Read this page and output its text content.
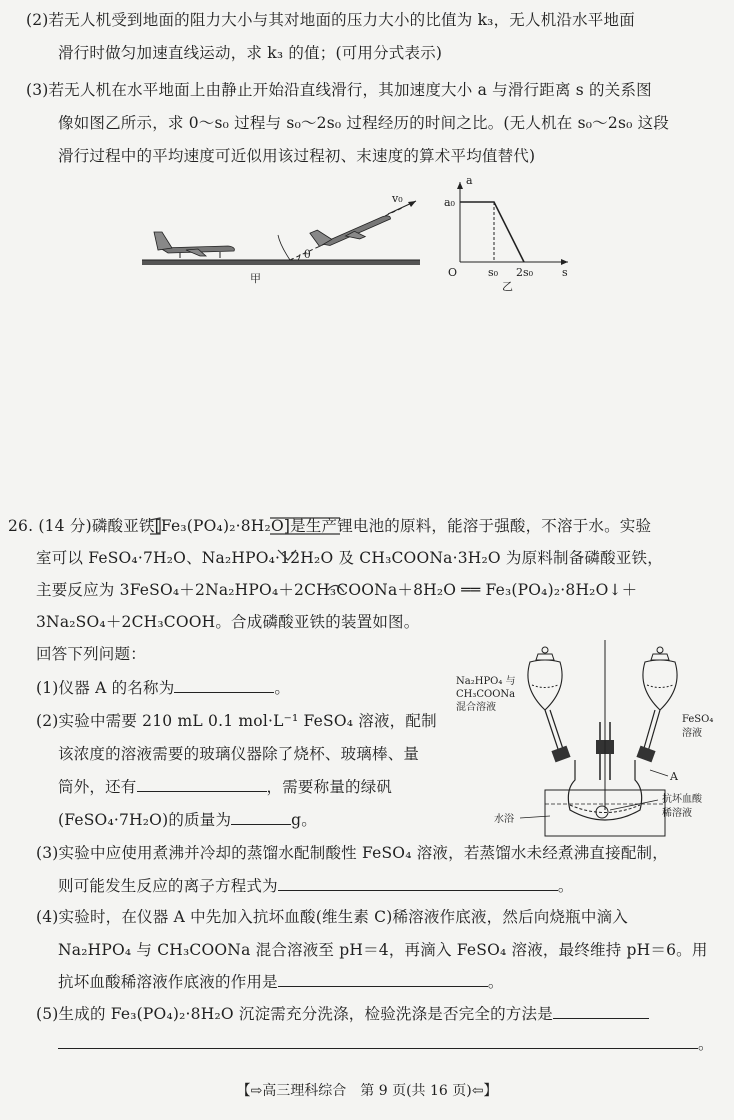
(2)若无人机受到地面的阻力大小与其对地面的压力大小的比值为 k₃，无人机沿水平地面
滑行时做匀加速直线运动，求 k₃ 的值；(可用分式表示)
(3)若无人机在水平地面上由静止开始沿直线滑行，其加速度大小 a 与滑行距离 s 的关系图
像如图乙所示，求 0～s₀ 过程与 s₀～2s₀ 过程经历的时间之比。(无人机在 s₀～2s₀ 这段
滑行过程中的平均速度可近似用该过程初、末速度的算术平均值替代)
θ
v₀
甲
a
s
O
a₀
s₀ 2s₀
乙
26. (14 分)磷酸亚铁[Fe₃(PO₄)₂·8H₂O]是生产锂电池的原料，能溶于强酸，不溶于水。实验
室可以 FeSO₄·7H₂O、Na₂HPO₄·12H₂O 及 CH₃COONa·3H₂O 为原料制备磷酸亚铁，
主要反应为 3FeSO₄＋2Na₂HPO₄＋2CH₃COONa＋8H₂O ══ Fe₃(PO₄)₂·8H₂O↓＋
3Na₂SO₄＋2CH₃COOH。合成磷酸亚铁的装置如图。
回答下列问题：
(1)仪器 A 的名称为	。
(2)实验中需要 210 mL 0.1 mol·L⁻¹ FeSO₄ 溶液，配制
该浓度的溶液需要的玻璃仪器除了烧杯、玻璃棒、量
筒外，还有	，需要称量的绿矾
(FeSO₄·7H₂O)的质量为	g。
Na₂HPO₄ 与
CH₃COONa
混合溶液
FeSO₄
溶液
A
抗坏血酸
稀溶液
水浴
(3)实验中应使用煮沸并冷却的蒸馏水配制酸性 FeSO₄ 溶液，若蒸馏水未经煮沸直接配制，
则可能发生反应的离子方程式为	。
(4)实验时，在仪器 A 中先加入抗坏血酸(维生素 C)稀溶液作底液，然后向烧瓶中滴入
Na₂HPO₄ 与 CH₃COONa 混合溶液至 pH＝4，再滴入 FeSO₄ 溶液，最终维持 pH＝6。用
抗坏血酸稀溶液作底液的作用是	。
(5)生成的 Fe₃(PO₄)₂·8H₂O 沉淀需充分洗涤，检验洗涤是否完全的方法是
。
【⇨高三理科综合　第 9 页(共 16 页)⇦】
